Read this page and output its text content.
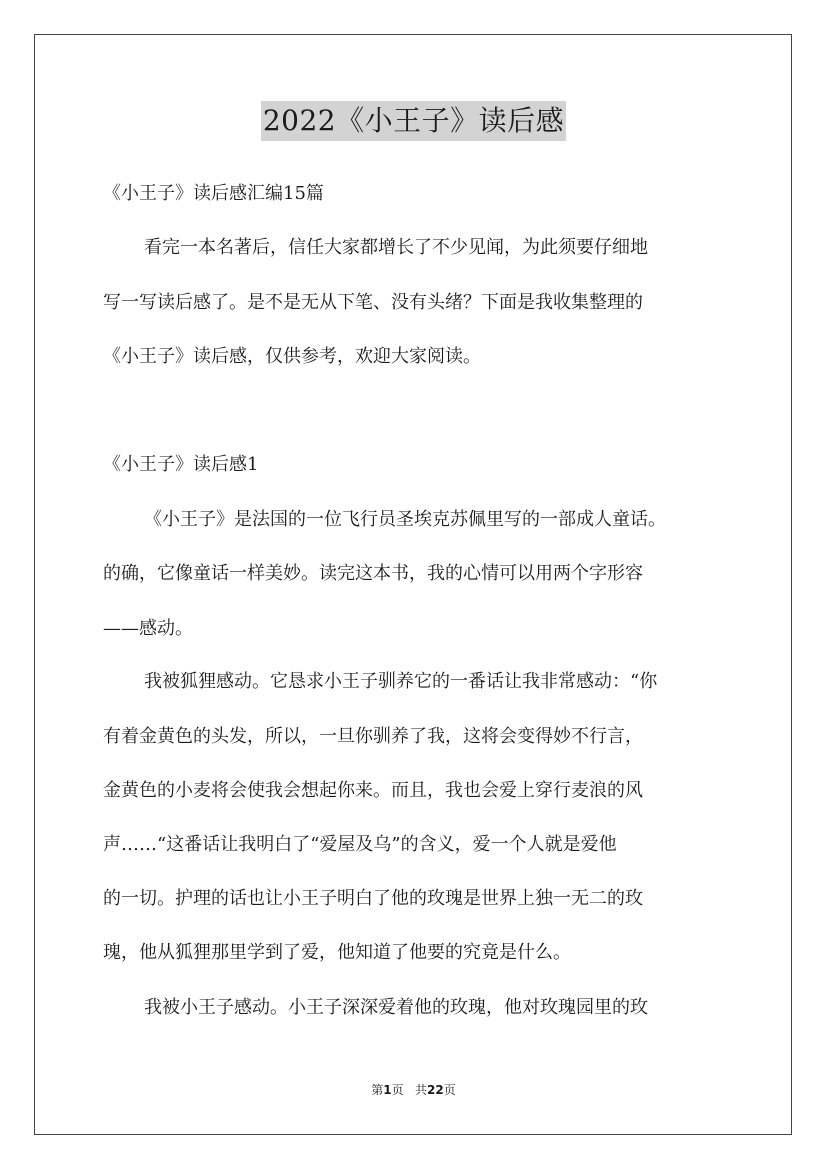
2022《小王子》读后感
《小王子》读后感汇编15篇
看完一本名著后，信任大家都增长了不少见闻，为此须要仔细地
写一写读后感了。是不是无从下笔、没有头绪？下面是我收集整理的
《小王子》读后感，仅供参考，欢迎大家阅读。
《小王子》读后感1
《小王子》是法国的一位飞行员圣埃克苏佩里写的一部成人童话。
的确，它像童话一样美妙。读完这本书，我的心情可以用两个字形容
——感动。
我被狐狸感动。它恳求小王子驯养它的一番话让我非常感动：“你
有着金黄色的头发，所以，一旦你驯养了我，这将会变得妙不行言，
金黄色的小麦将会使我会想起你来。而且，我也会爱上穿行麦浪的风
声……“这番话让我明白了“爱屋及乌”的含义，爱一个人就是爱他
的一切。护理的话也让小王子明白了他的玫瑰是世界上独一无二的玫
瑰，他从狐狸那里学到了爱，他知道了他要的究竟是什么。
我被小王子感动。小王子深深爱着他的玫瑰，他对玫瑰园里的玫
第1页   共22页
